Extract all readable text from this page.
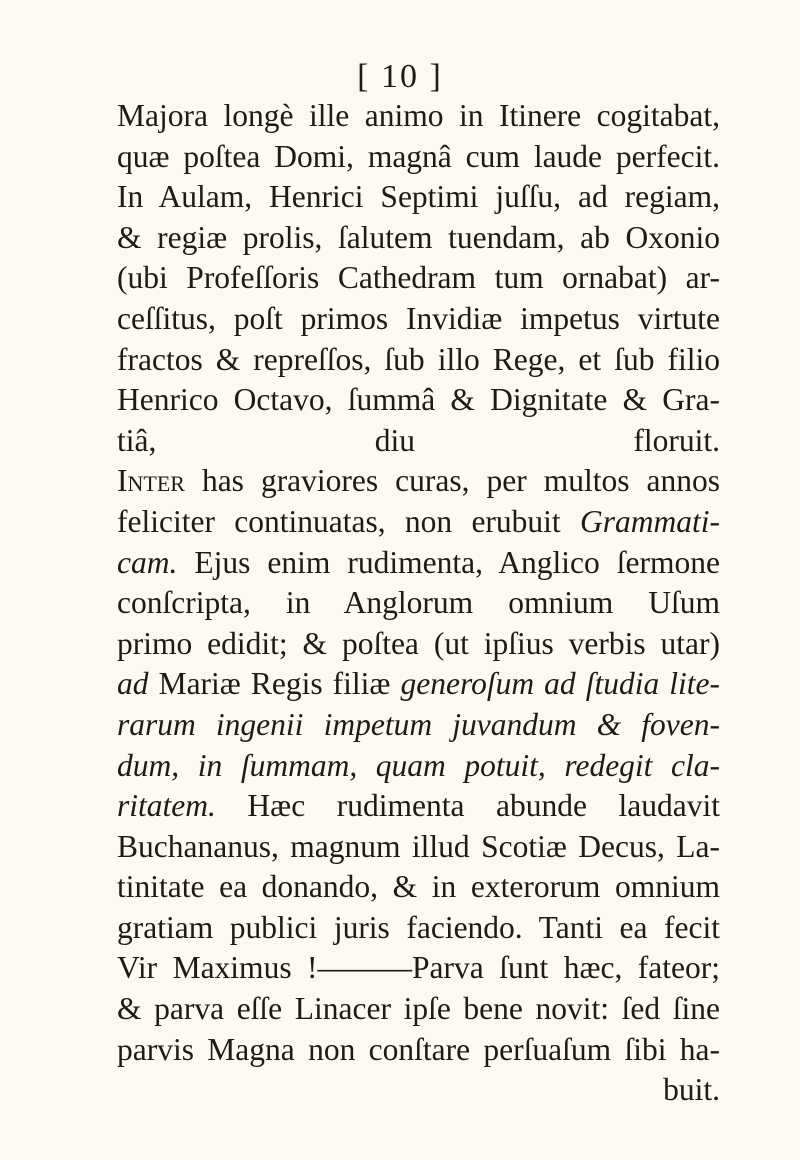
[ 10 ]
Majora longè ille animo in Itinere cogitabat,
quæ poſtea Domi, magnâ cum laude perfecit.
In Aulam, Henrici Septimi juſſu, ad regiam,
& regiæ prolis, ſalutem tuendam, ab Oxonio
(ubi Profeſſoris Cathedram tum ornabat) ar-
ceſſitus, poſt primos Invidiæ impetus virtute
fractos & repreſſos, ſub illo Rege, et ſub filio
Henrico Octavo, ſummâ & Dignitate & Gra-
tiâ, diu floruit.
Inter has graviores curas, per multos annos
feliciter continuatas, non erubuit Grammati-
cam. Ejus enim rudimenta, Anglico ſermone
conſcripta, in Anglorum omnium Uſum
primo edidit; & poſtea (ut ipſius verbis utar)
ad Mariæ Regis filiæ generoſum ad ſtudia lite-
rarum ingenii impetum juvandum & foven-
dum, in ſummam, quam potuit, redegit cla-
ritatem. Hæc rudimenta abunde laudavit
Buchananus, magnum illud Scotiæ Decus, La-
tinitate ea donando, & in exterorum omnium
gratiam publici juris faciendo. Tanti ea fecit
Vir Maximus !———Parva ſunt hæc, fateor;
& parva eſſe Linacer ipſe bene novit: ſed ſine
parvis Magna non conſtare perſuaſum ſibi ha-
buit.
